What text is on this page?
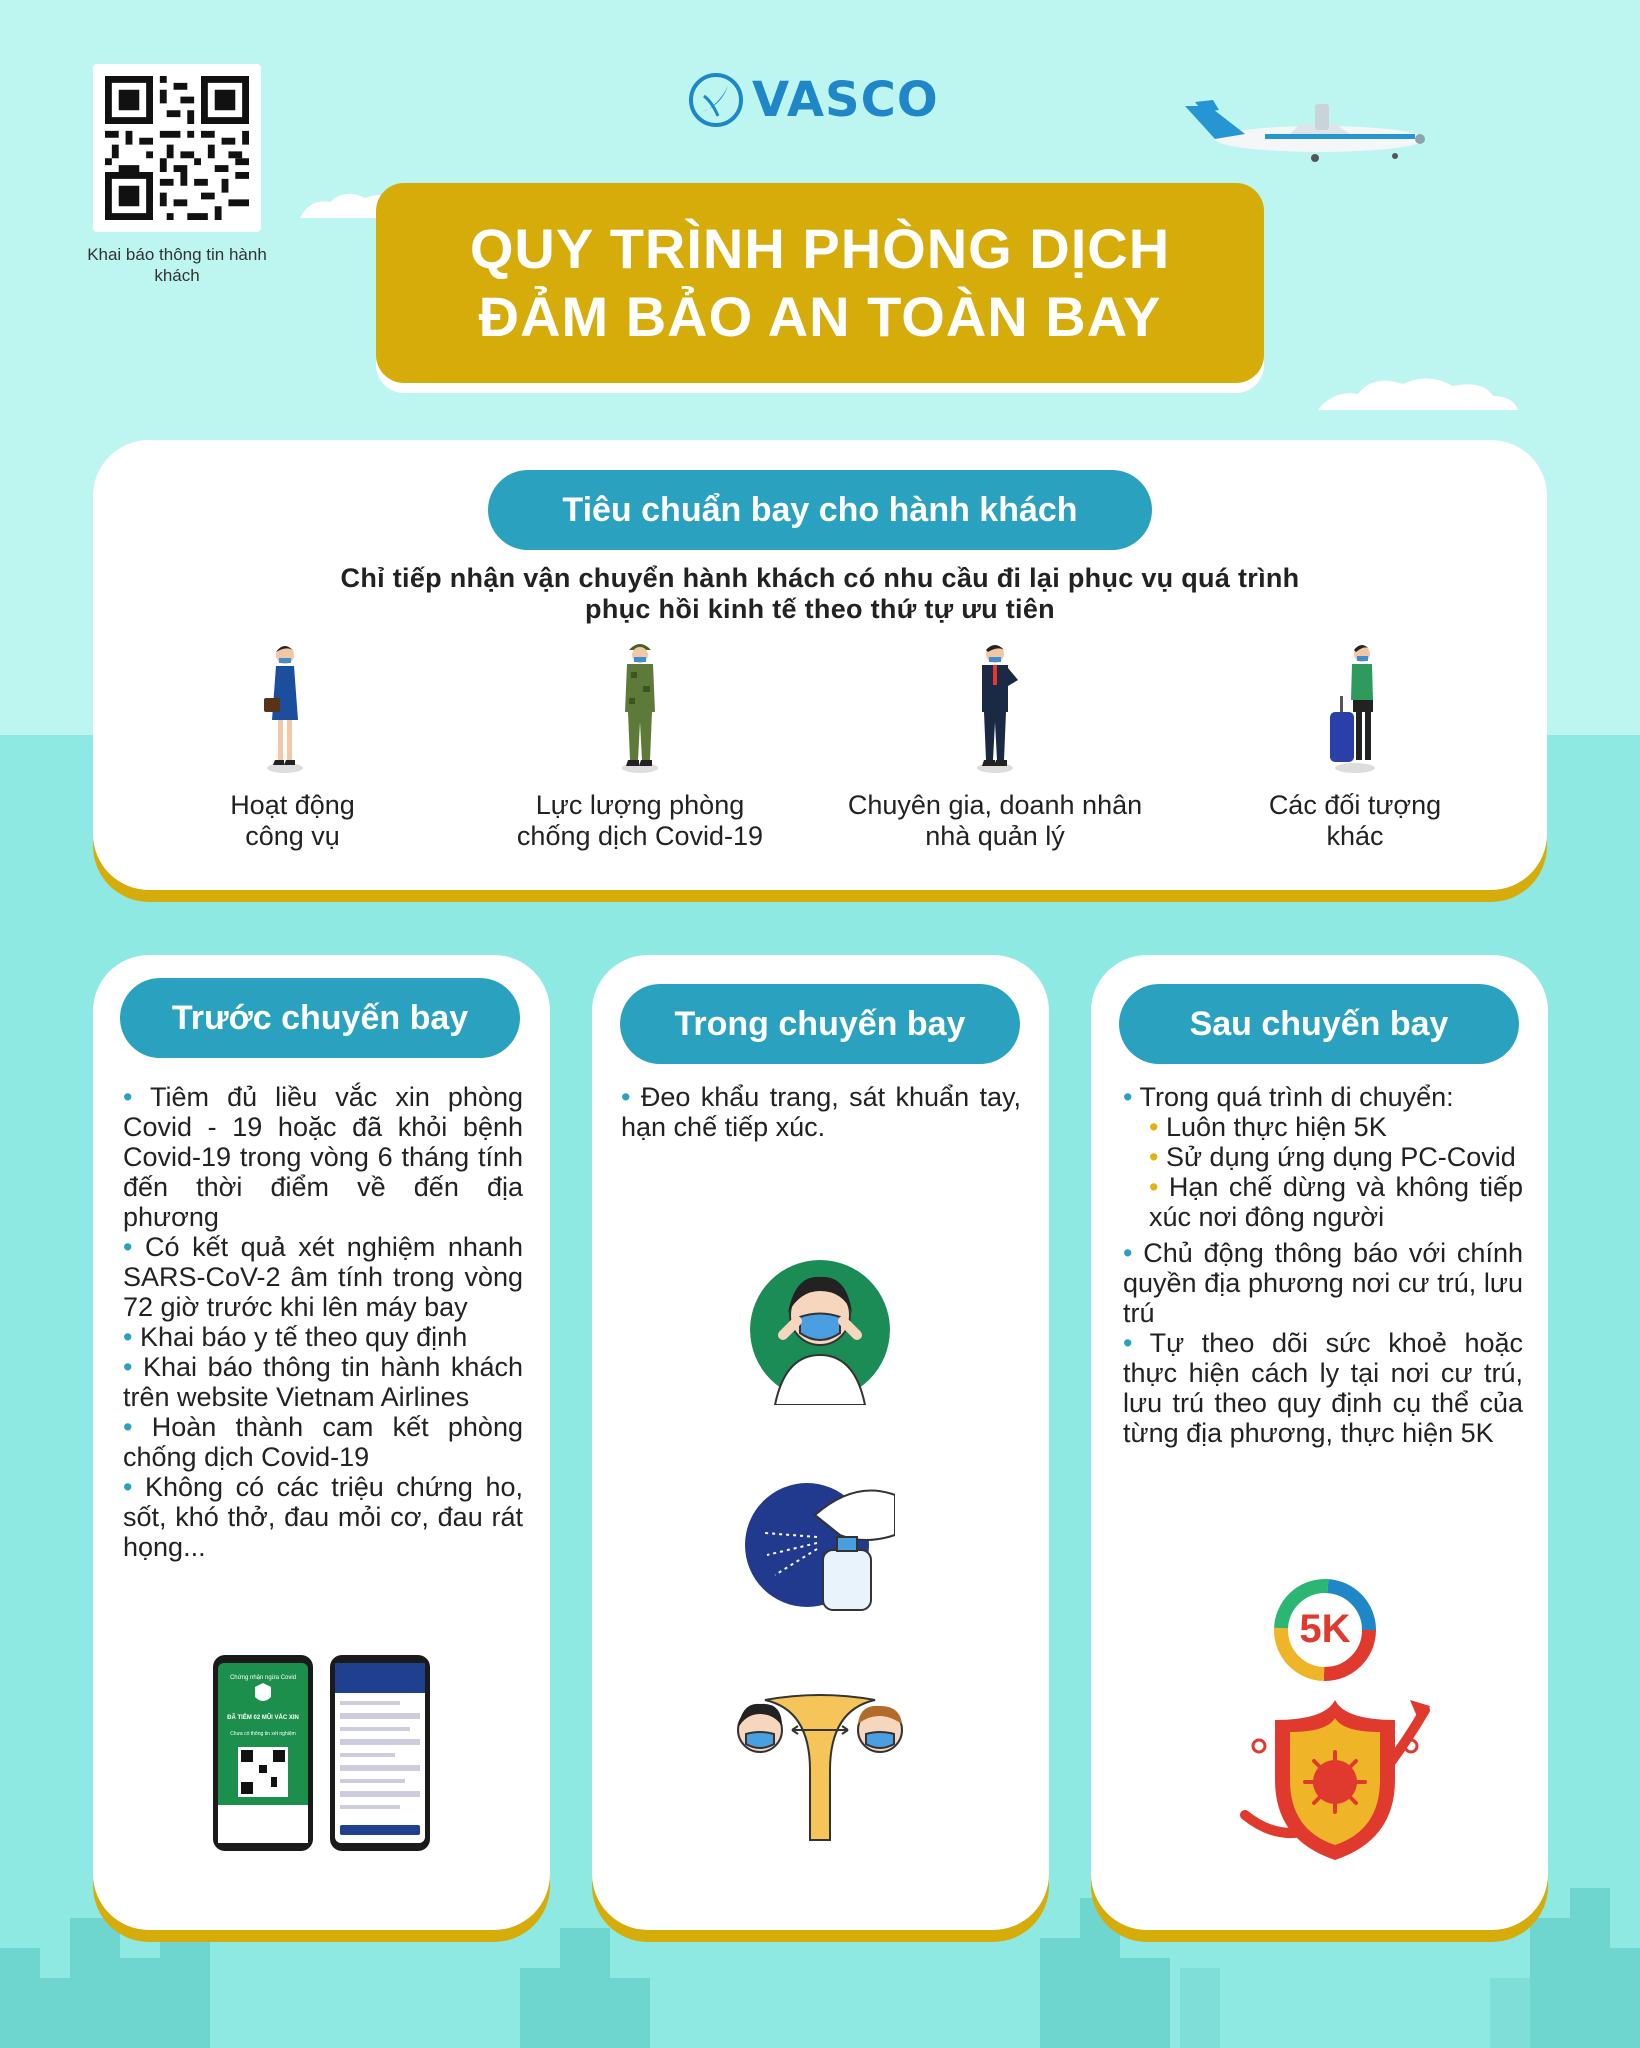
Khai báo thông tin hành khách
VASCO
QUY TRÌNH PHÒNG DỊCH
ĐẢM BẢO AN TOÀN BAY
Tiêu chuẩn bay cho hành khách
Chỉ tiếp nhận vận chuyển hành khách có nhu cầu đi lại phục vụ quá trình
phục hồi kinh tế theo thứ tự ưu tiên
Hoạt động
công vụ
Lực lượng phòng
chống dịch Covid-19
Chuyên gia, doanh nhân
nhà quản lý
Các đối tượng
khác
Trước chuyến bay	Trong chuyến bay	Sau chuyến bay

• Tiêm đủ liều vắc xin phòng Covid - 19 hoặc đã khỏi bệnh Covid-19 trong vòng 6 tháng tính đến thời điểm về đến địa phương

• Có kết quả xét nghiệm nhanh SARS-CoV-2 âm tính trong vòng 72 giờ trước khi lên máy bay

• Khai báo y tế theo quy định

• Khai báo thông tin hành khách trên website Vietnam Airlines

• Hoàn thành cam kết phòng chống dịch Covid-19

• Không có các triệu chứng ho, sốt, khó thở, đau mỏi cơ, đau rát họng...

Chứng nhận ngừa Covid
ĐÃ TIÊM 02 MŨI VẮC XIN
Chưa có thông tin xét nghiệm

• Đeo khẩu trang, sát khuẩn tay, hạn chế tiếp xúc.

• Trong quá trình di chuyển:

• Luôn thực hiện 5K

• Sử dụng ứng dụng PC-Covid

• Hạn chế dừng và không tiếp xúc nơi đông người

• Chủ động thông báo với chính quyền địa phương nơi cư trú, lưu trú

• Tự theo dõi sức khoẻ hoặc thực hiện cách ly tại nơi cư trú, lưu trú theo quy định cụ thể của từng địa phương, thực hiện 5K

5K
